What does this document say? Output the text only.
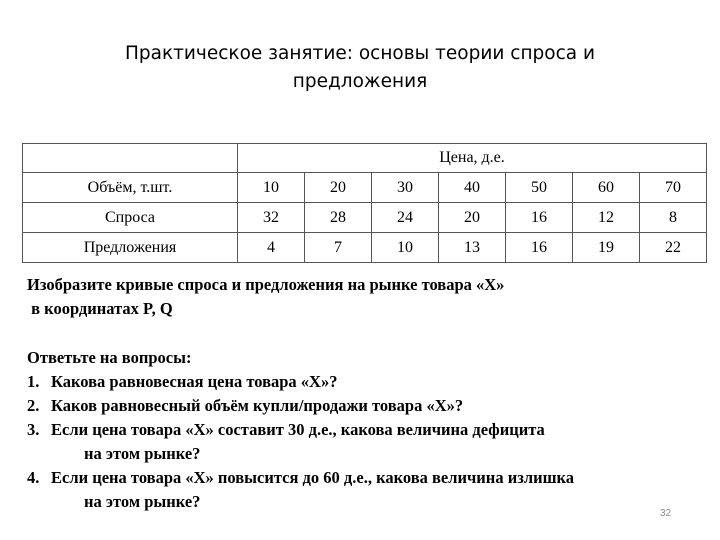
Практическое занятие: основы теории спроса и
предложения
	Цена, д.е.						
Объём, т.шт.	10	20	30	40	50	60	70
Спроса	32	28	24	20	16	12	8
Предложения	4	7	10	13	16	19	22
Изобразите кривые спроса и предложения на рынке товара «Х»
в координатах P, Q
Ответьте на вопросы:
1. Какова равновесная цена товара «Х»?
2. Каков равновесный объём купли/продажи товара «Х»?
3. Если цена товара «Х» составит 30 д.е., какова величина дефицита
на этом рынке?
4. Если цена товара «Х» повысится до 60 д.е., какова величина излишка
на этом рынке?
32
